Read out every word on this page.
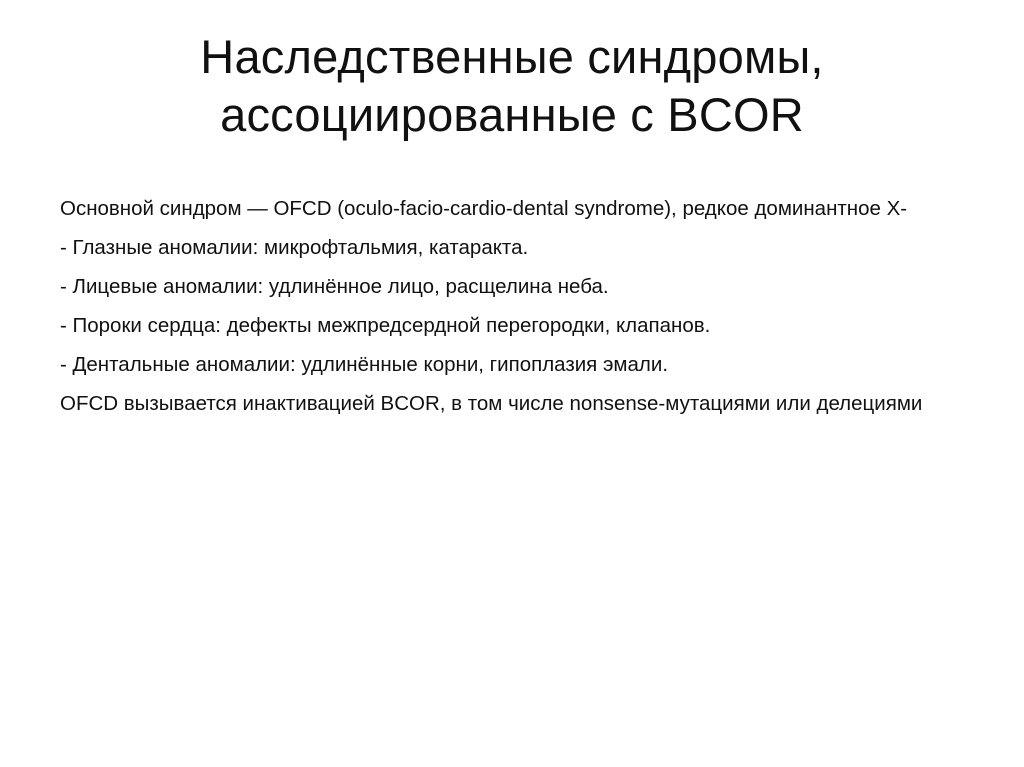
Наследственные синдромы,
ассоциированные с BCOR
Основной синдром — OFCD (oculo-facio-cardio-dental syndrome), редкое доминантное X-
- Глазные аномалии: микрофтальмия, катаракта.
- Лицевые аномалии: удлинённое лицо, расщелина неба.
- Пороки сердца: дефекты межпредсердной перегородки, клапанов.
- Дентальные аномалии: удлинённые корни, гипоплазия эмали.
OFCD вызывается инактивацией BCOR, в том числе nonsense-мутациями или делециями
